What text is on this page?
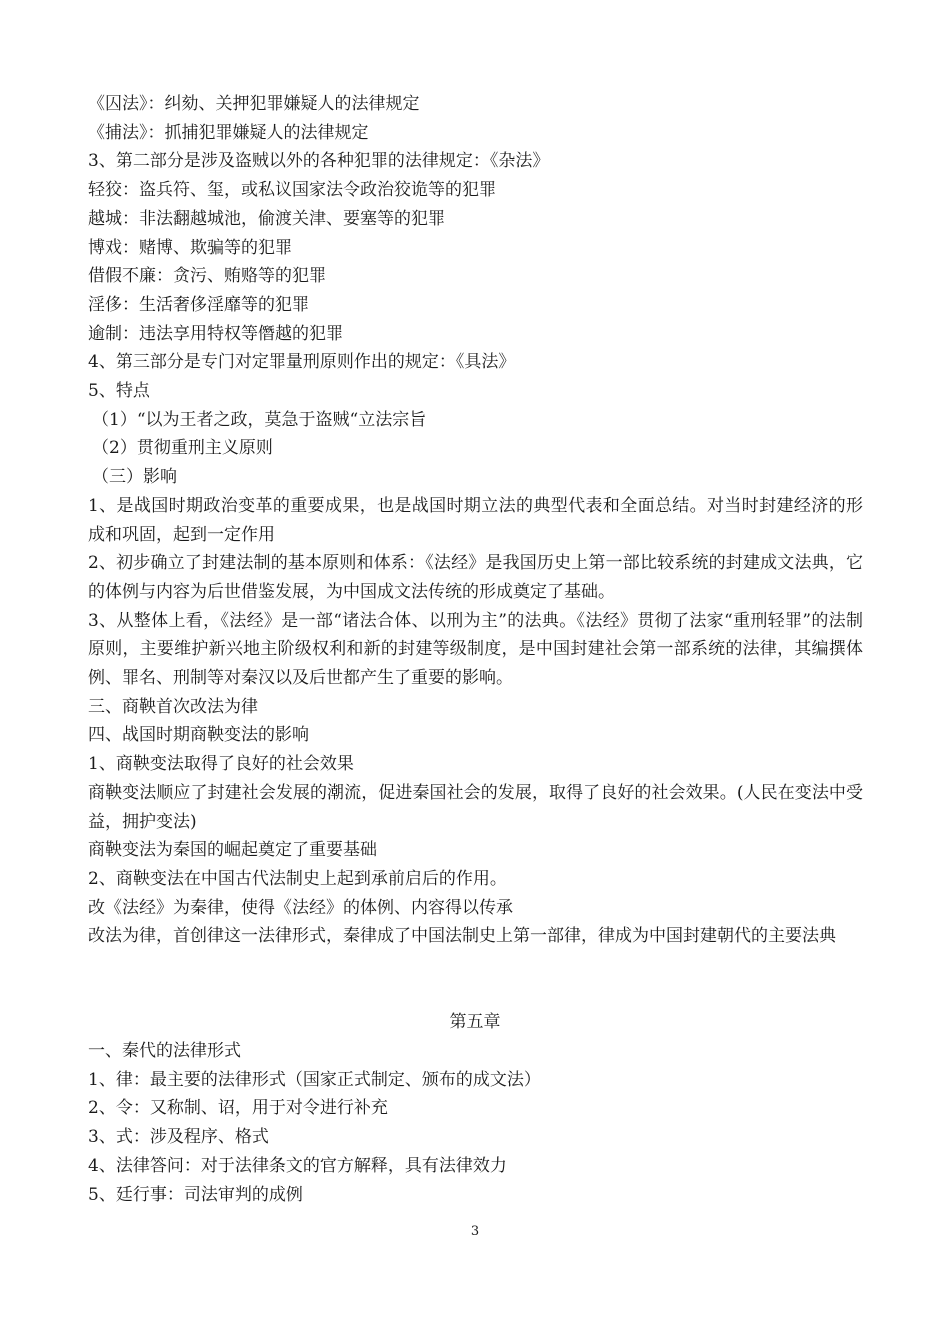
《囚法》：纠劾、关押犯罪嫌疑人的法律规定
《捕法》：抓捕犯罪嫌疑人的法律规定
3、第二部分是涉及盗贼以外的各种犯罪的法律规定：《杂法》
轻狡：盗兵符、玺，或私议国家法令政治狡诡等的犯罪
越城：非法翻越城池，偷渡关津、要塞等的犯罪
博戏：赌博、欺骗等的犯罪
借假不廉：贪污、贿赂等的犯罪
淫侈：生活奢侈淫靡等的犯罪
逾制：违法享用特权等僭越的犯罪
4、第三部分是专门对定罪量刑原则作出的规定：《具法》
5、特点
（1）“以为王者之政，莫急于盗贼“立法宗旨
（2）贯彻重刑主义原则
（三）影响
1、是战国时期政治变革的重要成果，也是战国时期立法的典型代表和全面总结。对当时封建经济的形成和巩固，起到一定作用
2、初步确立了封建法制的基本原则和体系：《法经》是我国历史上第一部比较系统的封建成文法典，它的体例与内容为后世借鉴发展，为中国成文法传统的形成奠定了基础。
3、从整体上看，《法经》是一部“诸法合体、以刑为主”的法典。《法经》贯彻了法家“重刑轻罪”的法制原则，主要维护新兴地主阶级权利和新的封建等级制度，是中国封建社会第一部系统的法律，其编撰体例、罪名、刑制等对秦汉以及后世都产生了重要的影响。
三、商鞅首次改法为律
四、战国时期商鞅变法的影响
1、商鞅变法取得了良好的社会效果
商鞅变法顺应了封建社会发展的潮流，促进秦国社会的发展，取得了良好的社会效果。(人民在变法中受益，拥护变法)
商鞅变法为秦国的崛起奠定了重要基础
2、商鞅变法在中国古代法制史上起到承前启后的作用。
改《法经》为秦律，使得《法经》的体例、内容得以传承
改法为律，首创律这一法律形式，秦律成了中国法制史上第一部律，律成为中国封建朝代的主要法典
第五章
一、秦代的法律形式
1、律：最主要的法律形式（国家正式制定、颁布的成文法）
2、令：又称制、诏，用于对令进行补充
3、式：涉及程序、格式
4、法律答问：对于法律条文的官方解释，具有法律效力
5、廷行事：司法审判的成例
3
